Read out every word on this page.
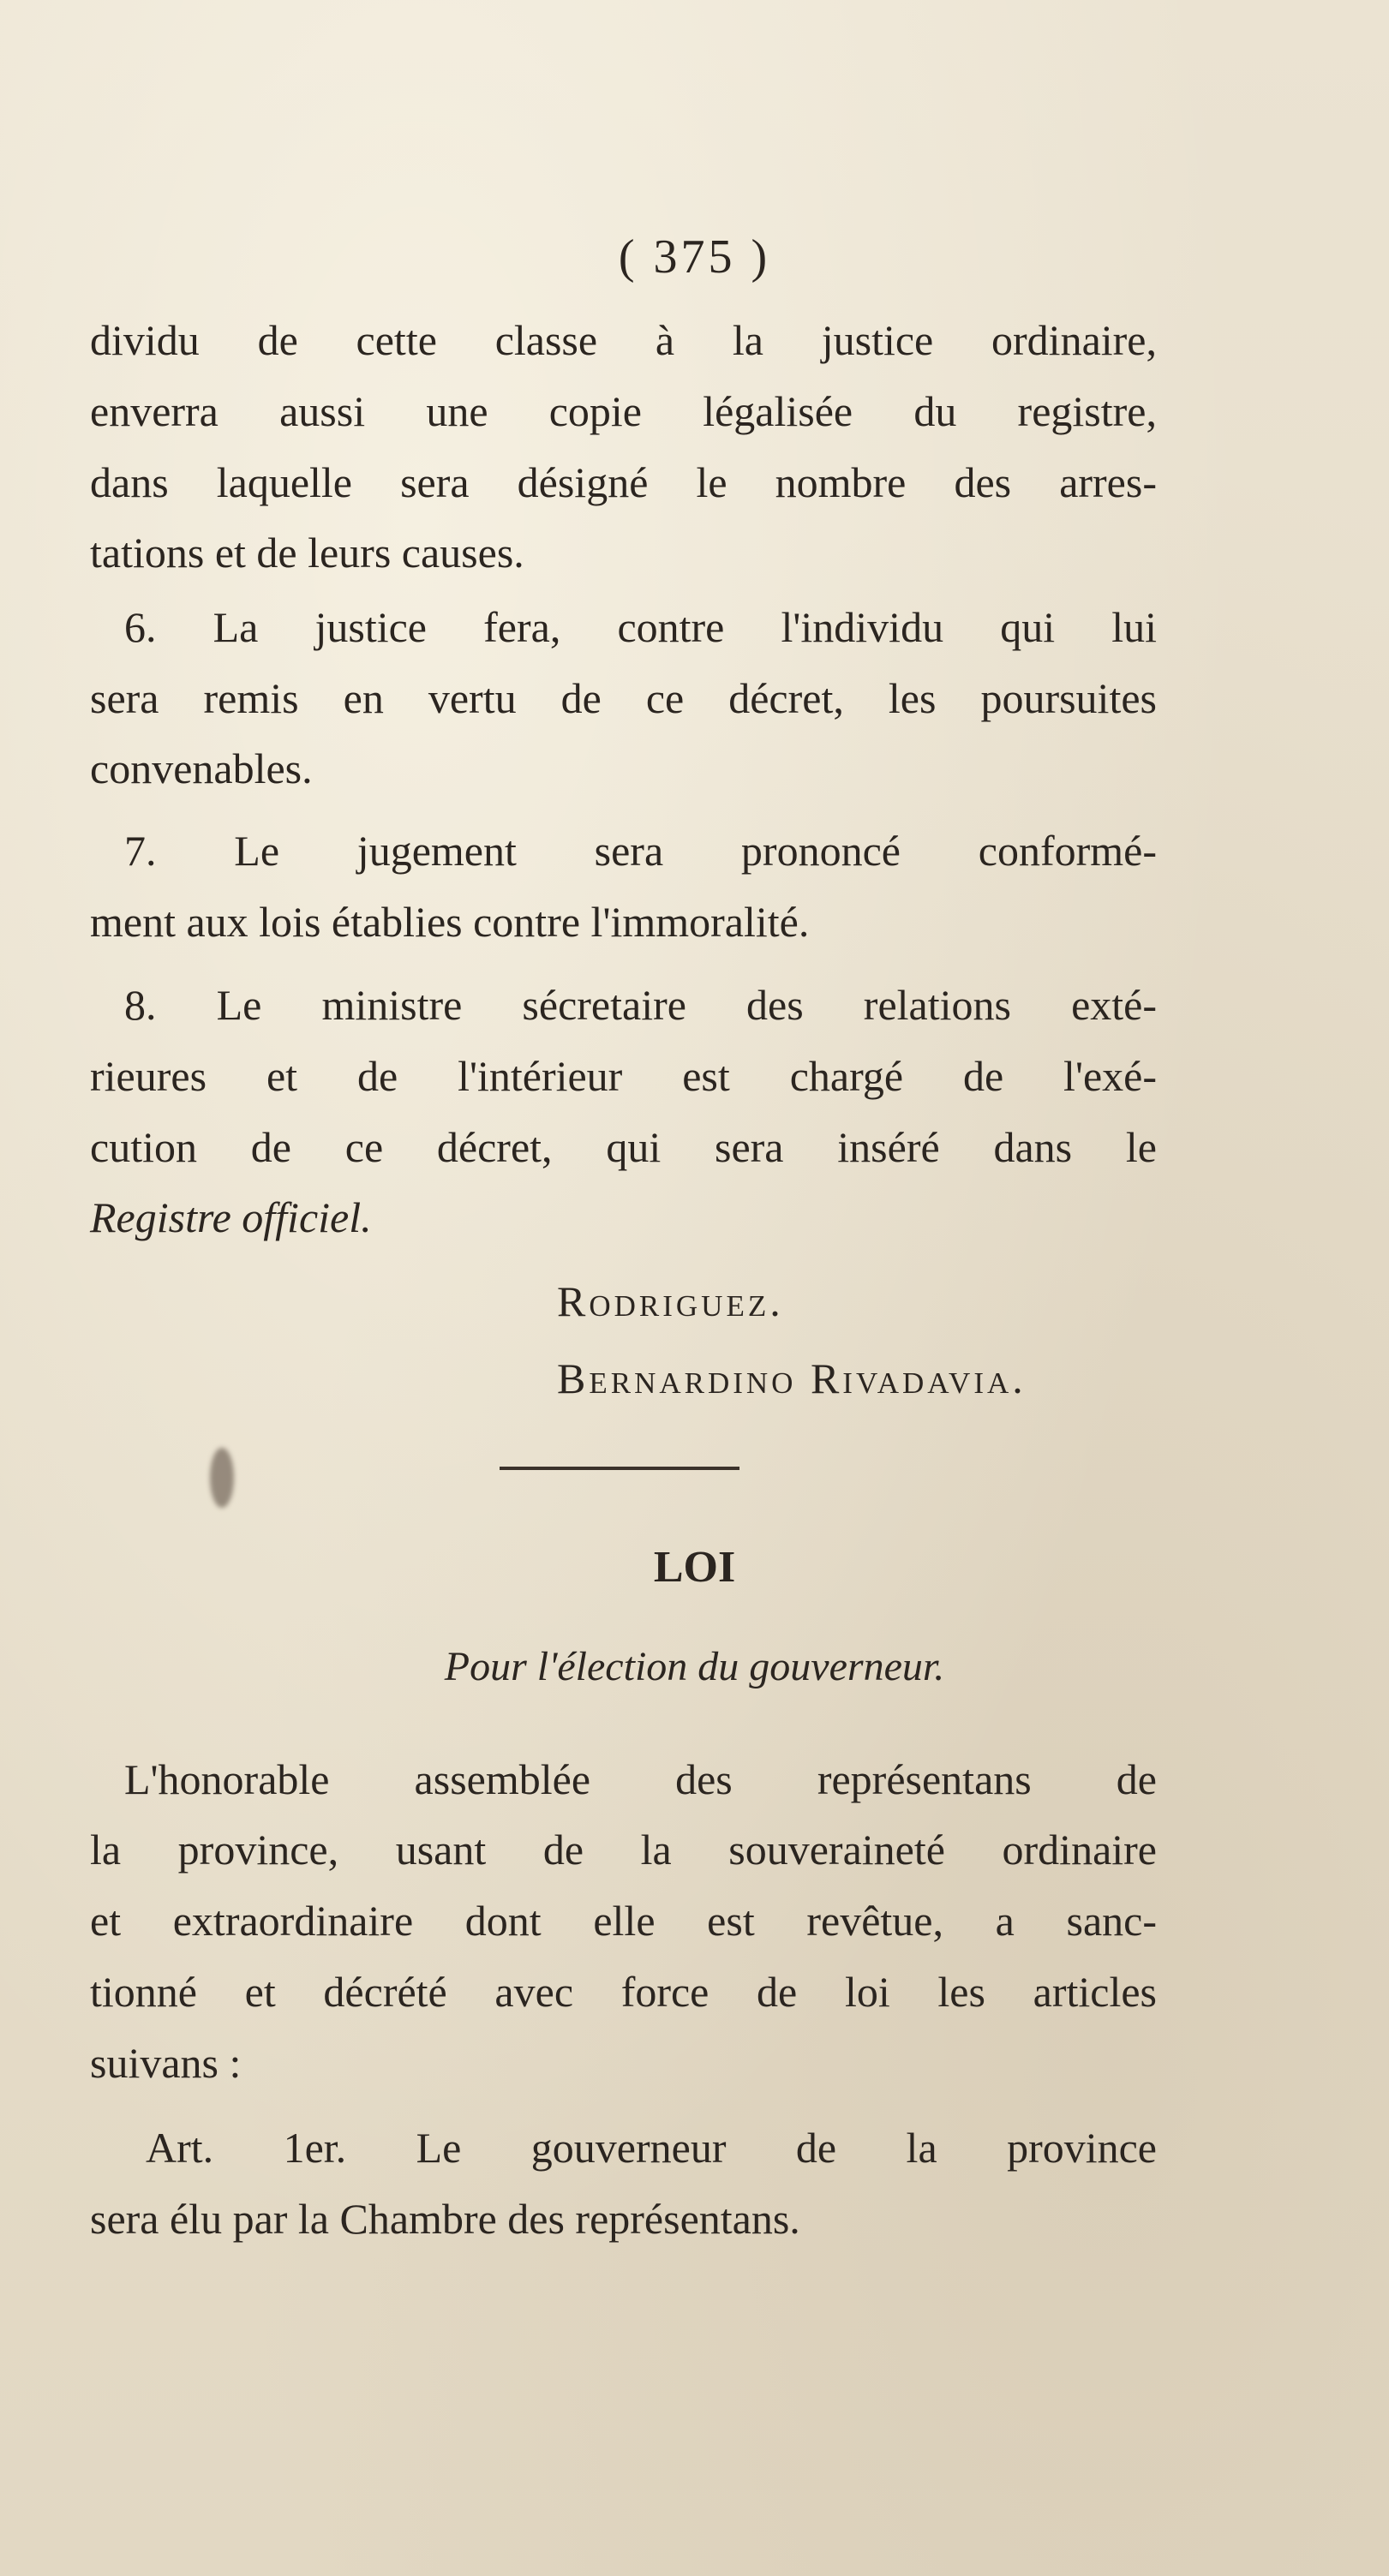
( 375 )
dividu de cette classe à la justice ordinaire,
enverra aussi une copie légalisée du registre,
dans laquelle sera désigné le nombre des arres-
tations et de leurs causes.
6. La justice fera, contre l'individu qui lui
sera remis en vertu de ce décret, les poursuites
convenables.
7. Le jugement sera prononcé conformé-
ment aux lois établies contre l'immoralité.
8. Le ministre sécretaire des relations exté-
rieures et de l'intérieur est chargé de l'exé-
cution de ce décret, qui sera inséré dans le
Registre officiel.
Rodriguez.
Bernardino Rivadavia.
LOI
Pour l'élection du gouverneur.
L'honorable assemblée des représentans de
la province, usant de la souveraineté ordinaire
et extraordinaire dont elle est revêtue, a sanc-
tionné et décrété avec force de loi les articles
suivans :
Art. 1er. Le gouverneur de la province
sera élu par la Chambre des représentans.
